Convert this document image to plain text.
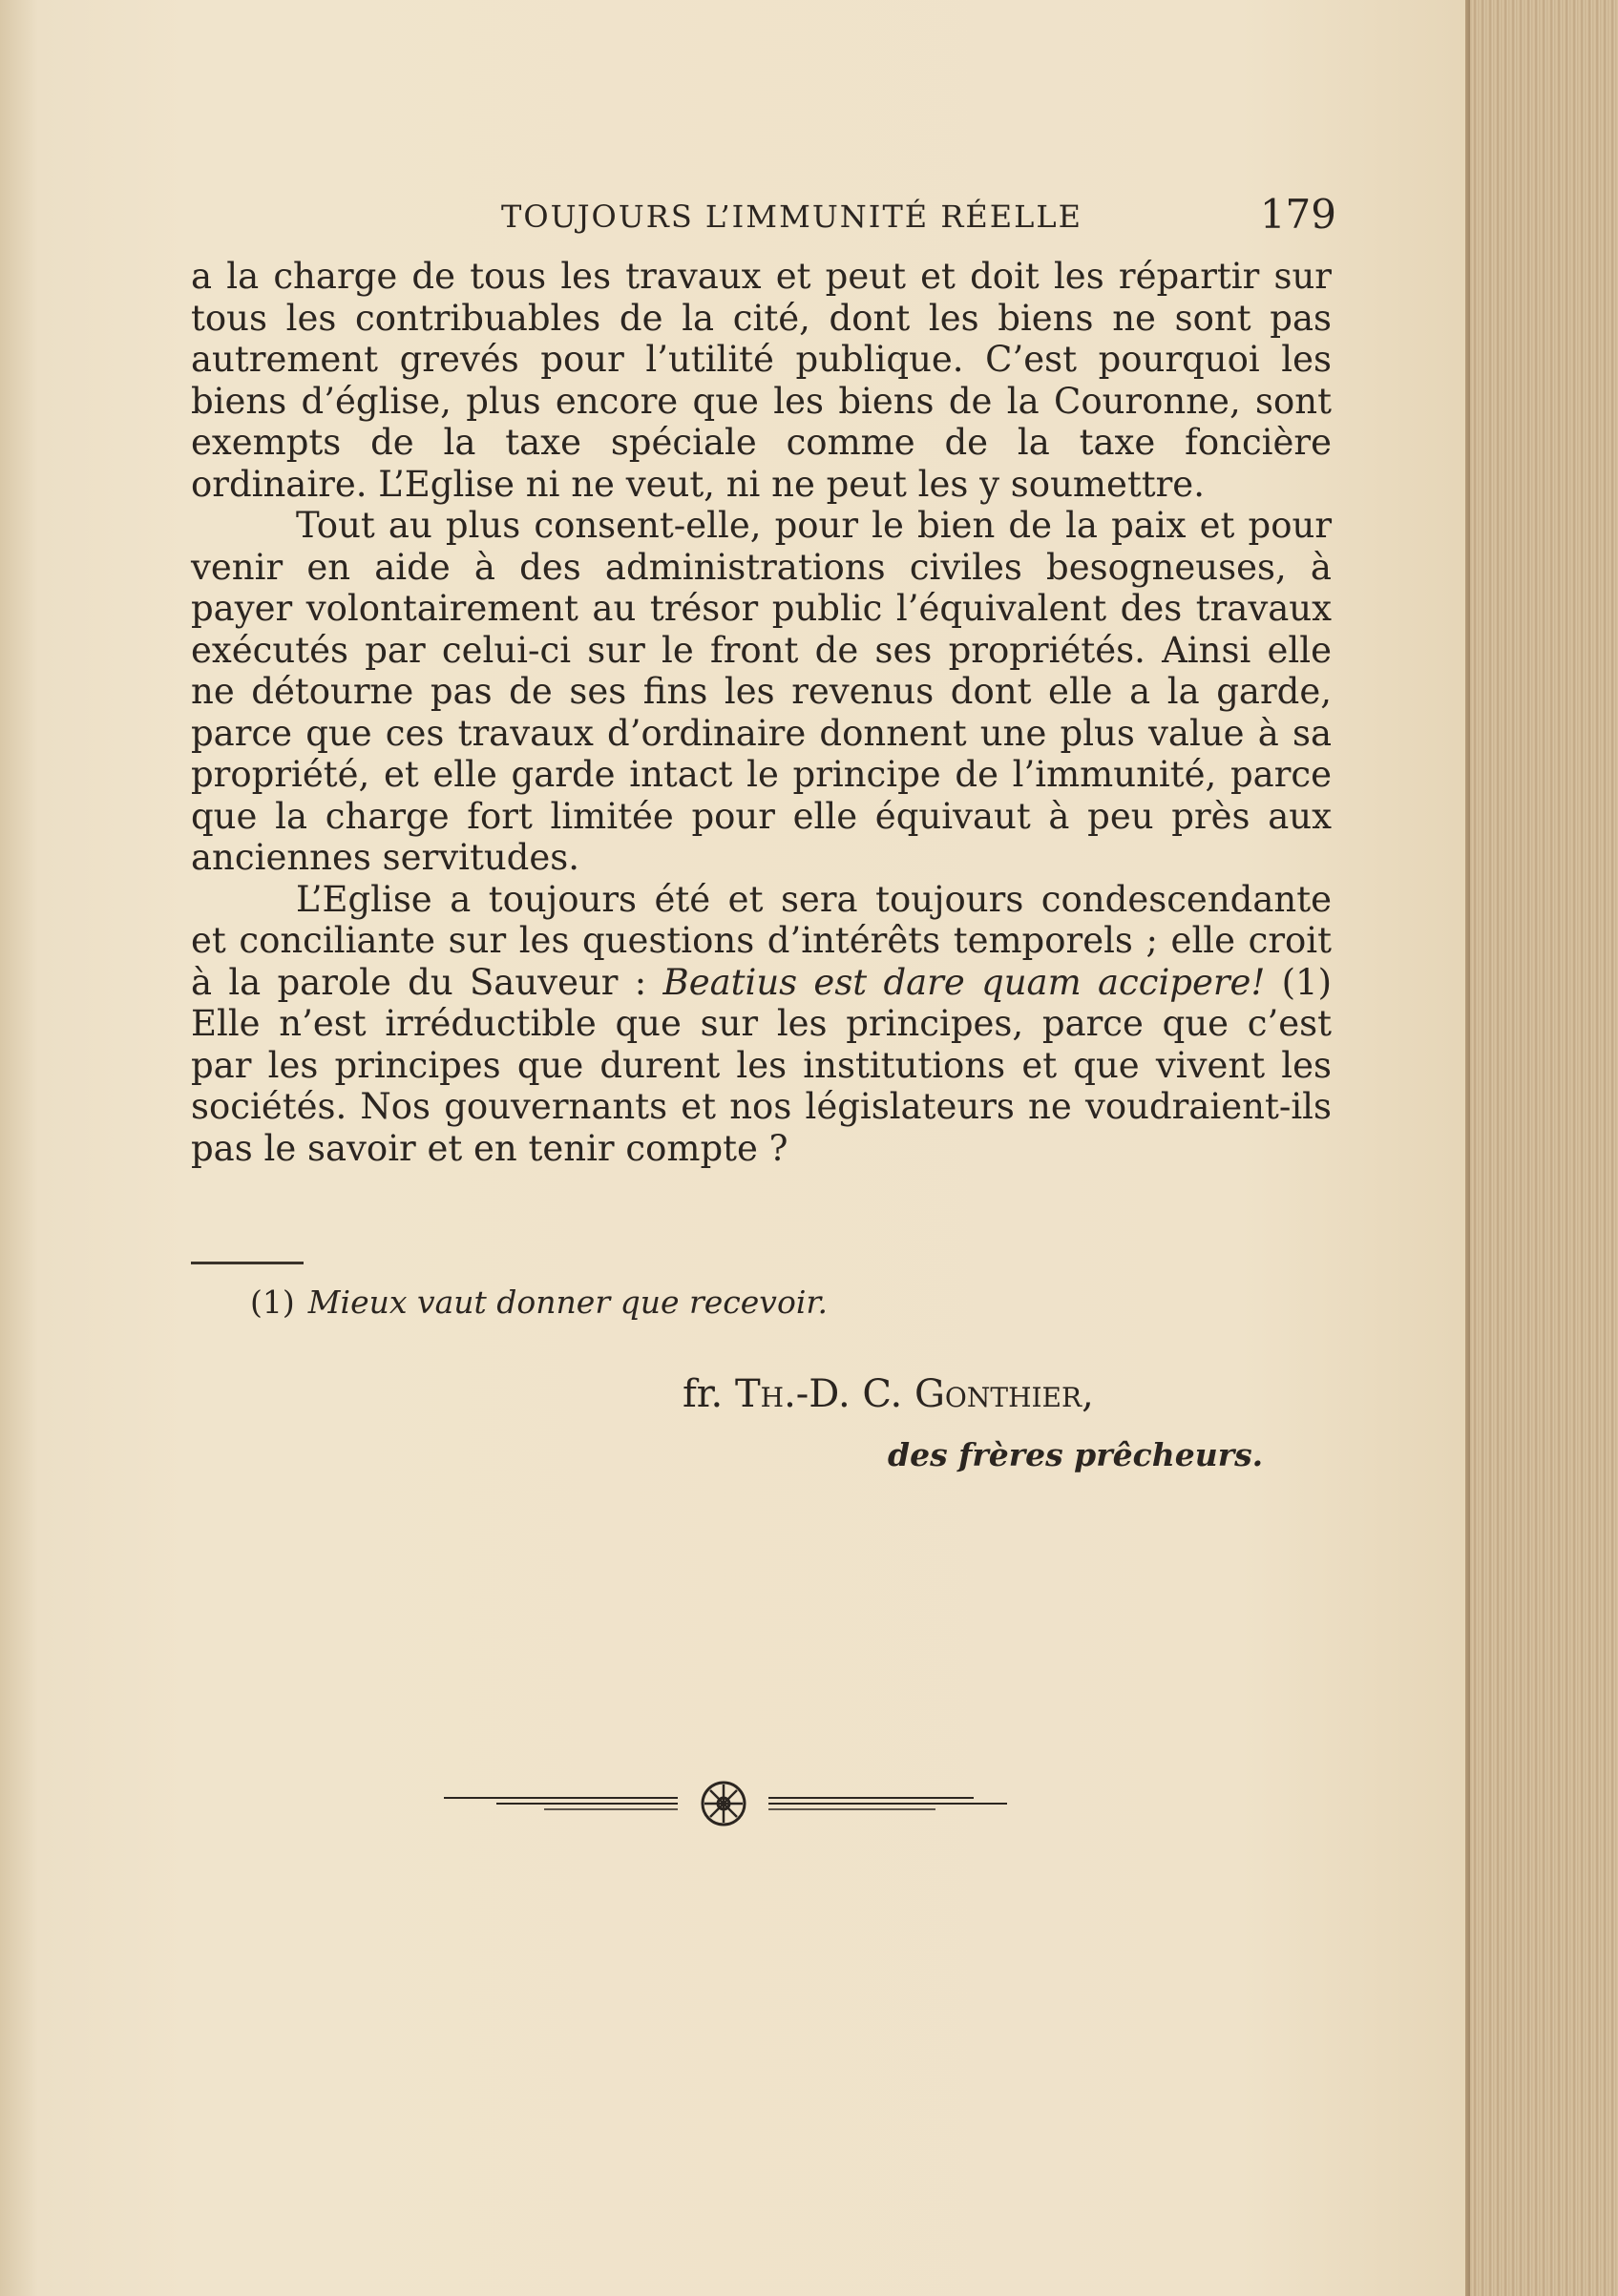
TOUJOURS L’IMMUNITÉ RÉELLE	179

a la charge de tous les travaux et peut et doit les répartir sur tous les contribuables de la cité, dont les biens ne sont pas autrement grevés pour l’utilité publique. C’est pourquoi les biens d’église, plus encore que les biens de la Couronne, sont exempts de la taxe spéciale comme de la taxe foncière ordinaire. L’Eglise ni ne veut, ni ne peut les y soumettre.

Tout au plus consent-elle, pour le bien de la paix et pour venir en aide à des administrations civiles besogneuses, à payer volontairement au trésor public l’équivalent des travaux exécutés par celui-ci sur le front de ses propriétés. Ainsi elle ne détourne pas de ses fins les revenus dont elle a la garde, parce que ces travaux d’ordinaire donnent une plus value à sa propriété, et elle garde intact le principe de l’immunité, parce que la charge fort limitée pour elle équivaut à peu près aux anciennes servitudes.

L’Eglise a toujours été et sera toujours condescendante et conciliante sur les questions d’intérêts temporels ; elle croit à la parole du Sauveur : Beatius est dare quam accipere! (1) Elle n’est irréductible que sur les principes, parce que c’est par les principes que durent les institutions et que vivent les sociétés. Nos gouvernants et nos législateurs ne voudraient-ils pas le savoir et en tenir compte ?

(1) Mieux vaut donner que recevoir.
fr. Th.-D. C. Gonthier,
des frères prêcheurs.
